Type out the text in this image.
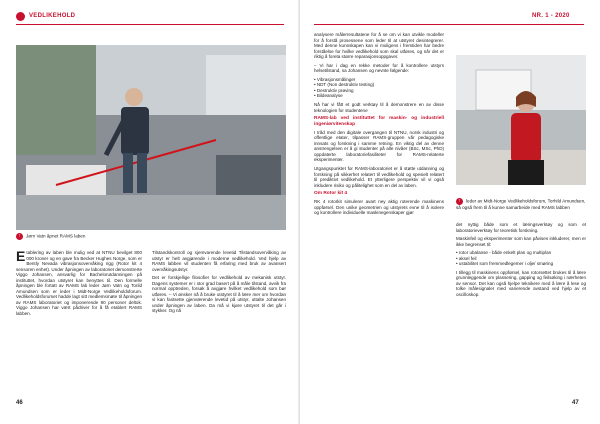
VEDLIKEHOLD
↑ Jørn Vatn åpnet RAMS laben

Etablering av laben ble mulig ved at NTNU bevilget 800 000 kroner og en gave fra Becker Hughes Norge, som er Bently Nevada vibrasjonsovervåking rigg (Rotor kit 4 sensoren enhet). Under åpningen av laboratoriet demonstrerte Viggo Johansen, ansvarlig for Bachelorutdanningen på instituttet, hvordan utstyret kan benyttes til. Den formelle åpningen ble fortatt av RAMS lab leder Jørn Vatn og Torild Amundsen som er leder i Midt-Norge Vedlikeholdsforum. Vedlikeholdsforumet hadde lagt sitt medlemsmøte til åpningen av RAMS laboratoriet og imponerende 90 personer deltok. Viggo Johansen har vært pådriver for å få etablert RAMS labben.

Tilstandskontroll og sjemvarende levetid Tilstandsovervåking av utstyr er helt avgjørende i moderne vedlikehold. Ved hjelp av RAMS labben vil studenten få erfaring med bruk av avansert overvåkingsutstyr.

Det er forskjellige filosofier for vedlikehold av mekanisk utstyr. Dagens systemer er i stor grad basert på å måle tilstand, avvik fra normal opptreden, forsøk å avgjøre hvilket vedlikehold som bør utføres. – Vi ønsker nå å bruke utstyret til å lære mer om hvordan vi kan fastsette gjenværende levetid på utstyr, uttalte Johansen under åpningen av laben. Da må vi kjøre utstyret til det går i stykker. Og nå

46
NR. 1 - 2020

analysere målerresultatene for å se om vi kan utvikle modeller for å forstå prosessene som leder til at utstyret desintegrerer. Med denne kunnskapen kan vi muligens i fremtiden har bedre forståelse for hvilke vedlikehold som skal utføres, og når det er riktig å foreta større reparasjonsoppgaver.

– Vi har i dag en rekke metoder for å kontrollere utstyrs helsetilstand, sa Johansen og nevnte følgende:

• Vibrasjonsmålinger
• NDT (Non destruktiv testing)
• Destruktiv prøving
• Bildeanalyse

Nå har vi fått et godt verktøy til å demonstrere en av disse teknologien for studentene

RAMS-lab ved instituttet for maskin- og industriell ingeniørvitenskap

I tråd med den digitale overgangen til NTNU, norsk industri og offentlige etater, tilpasser RAMS-gruppen vår pedagogiske innsats og forskning i samme retning. En viktig del av denne anstrengelsen er å gi studenter på alle nivåer (BSc, MSc, PhD) oppdaterte laboratoriefasiliteter for RAMS-relaterte eksperimenter.

Utgangspunktet for RAMS-laboratoriet er å støtte utdanning og forskning på sikkerhet relatert til vedlikehold og spesielt relatert til prediktivt vedlikehold. Et ytterligere perspektiv vil vi også inkludere risiko og pålitelighet som en del av laben.

Om Rotor kit 4

RK 4 rotorkit simulerer avart ney aktig roterende maskinens oppførsel. Den unike geometrien og utstyrets evne til å isolere og kontrollere individuelle maskinegenskaper gjør

↑ leder av Midt-Norge Vedlikeholdsforum, Torhild Amundsen, så også frem til å kunne samarbeide med RAMS labben

det nyttig både som et læringsverktøy og som et laboratorieverktøy for teoretisk forskning.

Maskinfeil og eksperimenter som kan påvises inkluderer, men er ikke begrenset til:

• rotor ubalanse - både enkelt plan og multiplan
• aksel feil
• ustabilitet som fremmedlegemer i olje/ smøring

I tillegg til maskinens oppførsel, kan rotorsettet brukes til å lære grunnleggende om plassering, gapping og feilsøking i nærheten av sensor. Det kan også hjelpe teknikere med å lære å lese og tolke målesignaler med varierende avstand ved hjelp av et oscilloskop.

47
